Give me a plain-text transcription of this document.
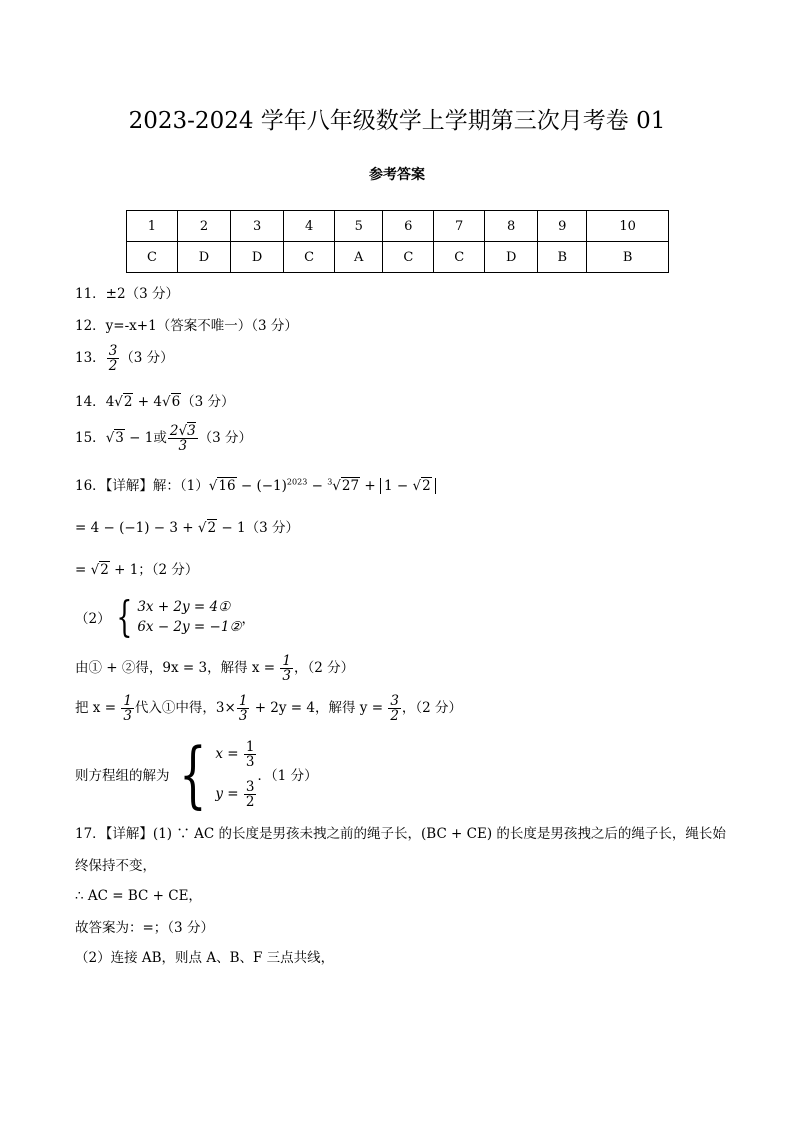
2023-2024 学年八年级数学上学期第三次月考卷 01
参考答案
1	2	3	4	5	6	7	8	9	10
C	D	D	C	A	C	C	D	B	B
11．±2（3 分）
12．y=-x+1（答案不唯一）（3 分）
13． $\frac{3}{2} (3$ 分）
14．4√2 + 4√6（3 分）
15．√3 − 1或 $\frac{2√3}{3} (3$ 分）
16．【详解】解：$(1)√16 - (-1)^{2023} - ^3√27 + 1 - √2$
= 4 − (−1) − 3 + √2 − 1（3 分）
= √2 + 1；（2 分）
（2） { 3x + 2y = 4①
6x − 2y = −1② ，
由① + ②得，9x = 3，解得 $x = \frac{1}{3}$ ，（2 分）
把 $x = \frac{1}{3}$ 代入①中得，$3\times \frac{1}{3} + 2y = 4$，解得 $y = \frac{3}{2}$ ，（2 分）
则方程组的解为 { $x = \frac{1}{3}$
$y = \frac{3}{2}$
．（1 分）
17．【详解】(1) ∵ AC 的长度是男孩未拽之前的绳子长，(BC + CE) 的长度是男孩拽之后的绳子长，绳长始
终保持不变，
∴ AC = BC + CE，
故答案为：=；（3 分）
（2）连接 AB，则点 A、B、F 三点共线，
